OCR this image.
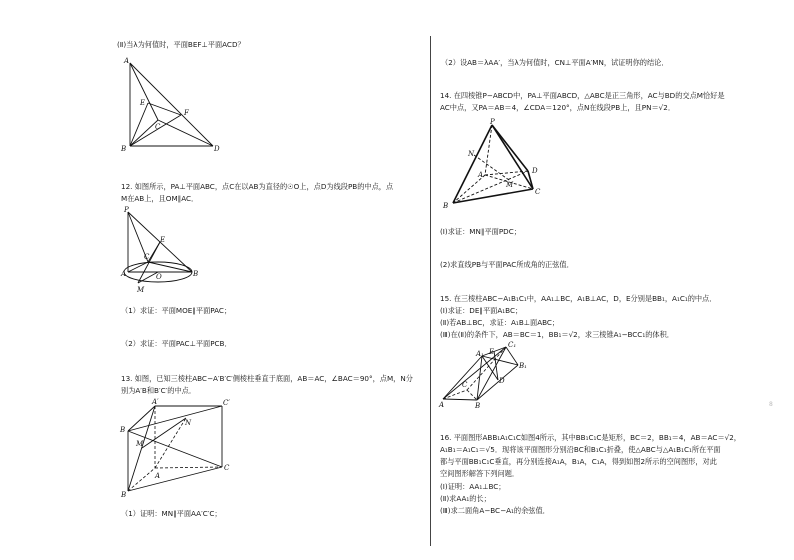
(Ⅱ)当λ为何值时，平面BEF⊥平面ACD？
A
E
F
C
B	D
12. 如图所示，PA⊥平面ABC，点C在以AB为直径的☉O上，点D为线段PB的中点，点
M在AB上，且OM∥AC．
P
E
C
A	O	B
M
（1）求证：平面MOE∥平面PAC；
（2）求证：平面PAC⊥平面PCB．
13. 如图，已知三棱柱ABC−A′B′C′侧棱柱垂直于底面，AB＝AC，∠BAC＝90°，点M，N分
别为A′B和B′C′的中点．
A′	C′
B
N
M
C
A
B
（1）证明：MN∥平面AA′C′C；
（2）设AB＝λAA′，当λ为何值时，CN⊥平面A′MN，试证明你的结论．
14. 在四棱锥P−ABCD中，PA⊥平面ABCD，△ABC是正三角形，AC与BD的交点M恰好是
AC中点，又PA＝AB＝4，∠CDA＝120°，点N在线段PB上，且PN＝√2．
P
N
A	D
M
C
B
(I)求证：MN∥平面PDC；
(2)求直线PB与平面PAC所成角的正弦值．
15. 在三棱柱ABC−A₁B₁C₁中，AA₁⊥BC，A₁B⊥AC，D，E分别是BB₁，A₁C₁的中点．
(Ⅰ)求证：DE∥平面A₁BC；
(Ⅱ)若AB⊥BC，求证：A₁B⊥面ABC；
(Ⅲ)在(Ⅱ)的条件下，AB＝BC＝1，BB₁＝√2，求三棱锥A₁−BCC₁的体积．
C₁
E
A₁
B₁
D
C
A	B
16. 平面图形ABB₁A₁C₁C如图4所示，其中BB₁C₁C是矩形，BC＝2，BB₁＝4，AB＝AC＝√2，
A₁B₁＝A₁C₁＝√5．现将该平面图形分别沿BC和B₁C₁折叠，使△ABC与△A₁B₁C₁所在平面
都与平面BB₁C₁C垂直，再分别连接A₁A，B₁A，C₁A，得到如图2所示的空间图形，对此
空间图形解答下列问题．
(Ⅰ)证明：AA₁⊥BC；
(Ⅱ)求AA₁的长；
(Ⅲ)求二面角A−BC−A₁的余弦值．
8
